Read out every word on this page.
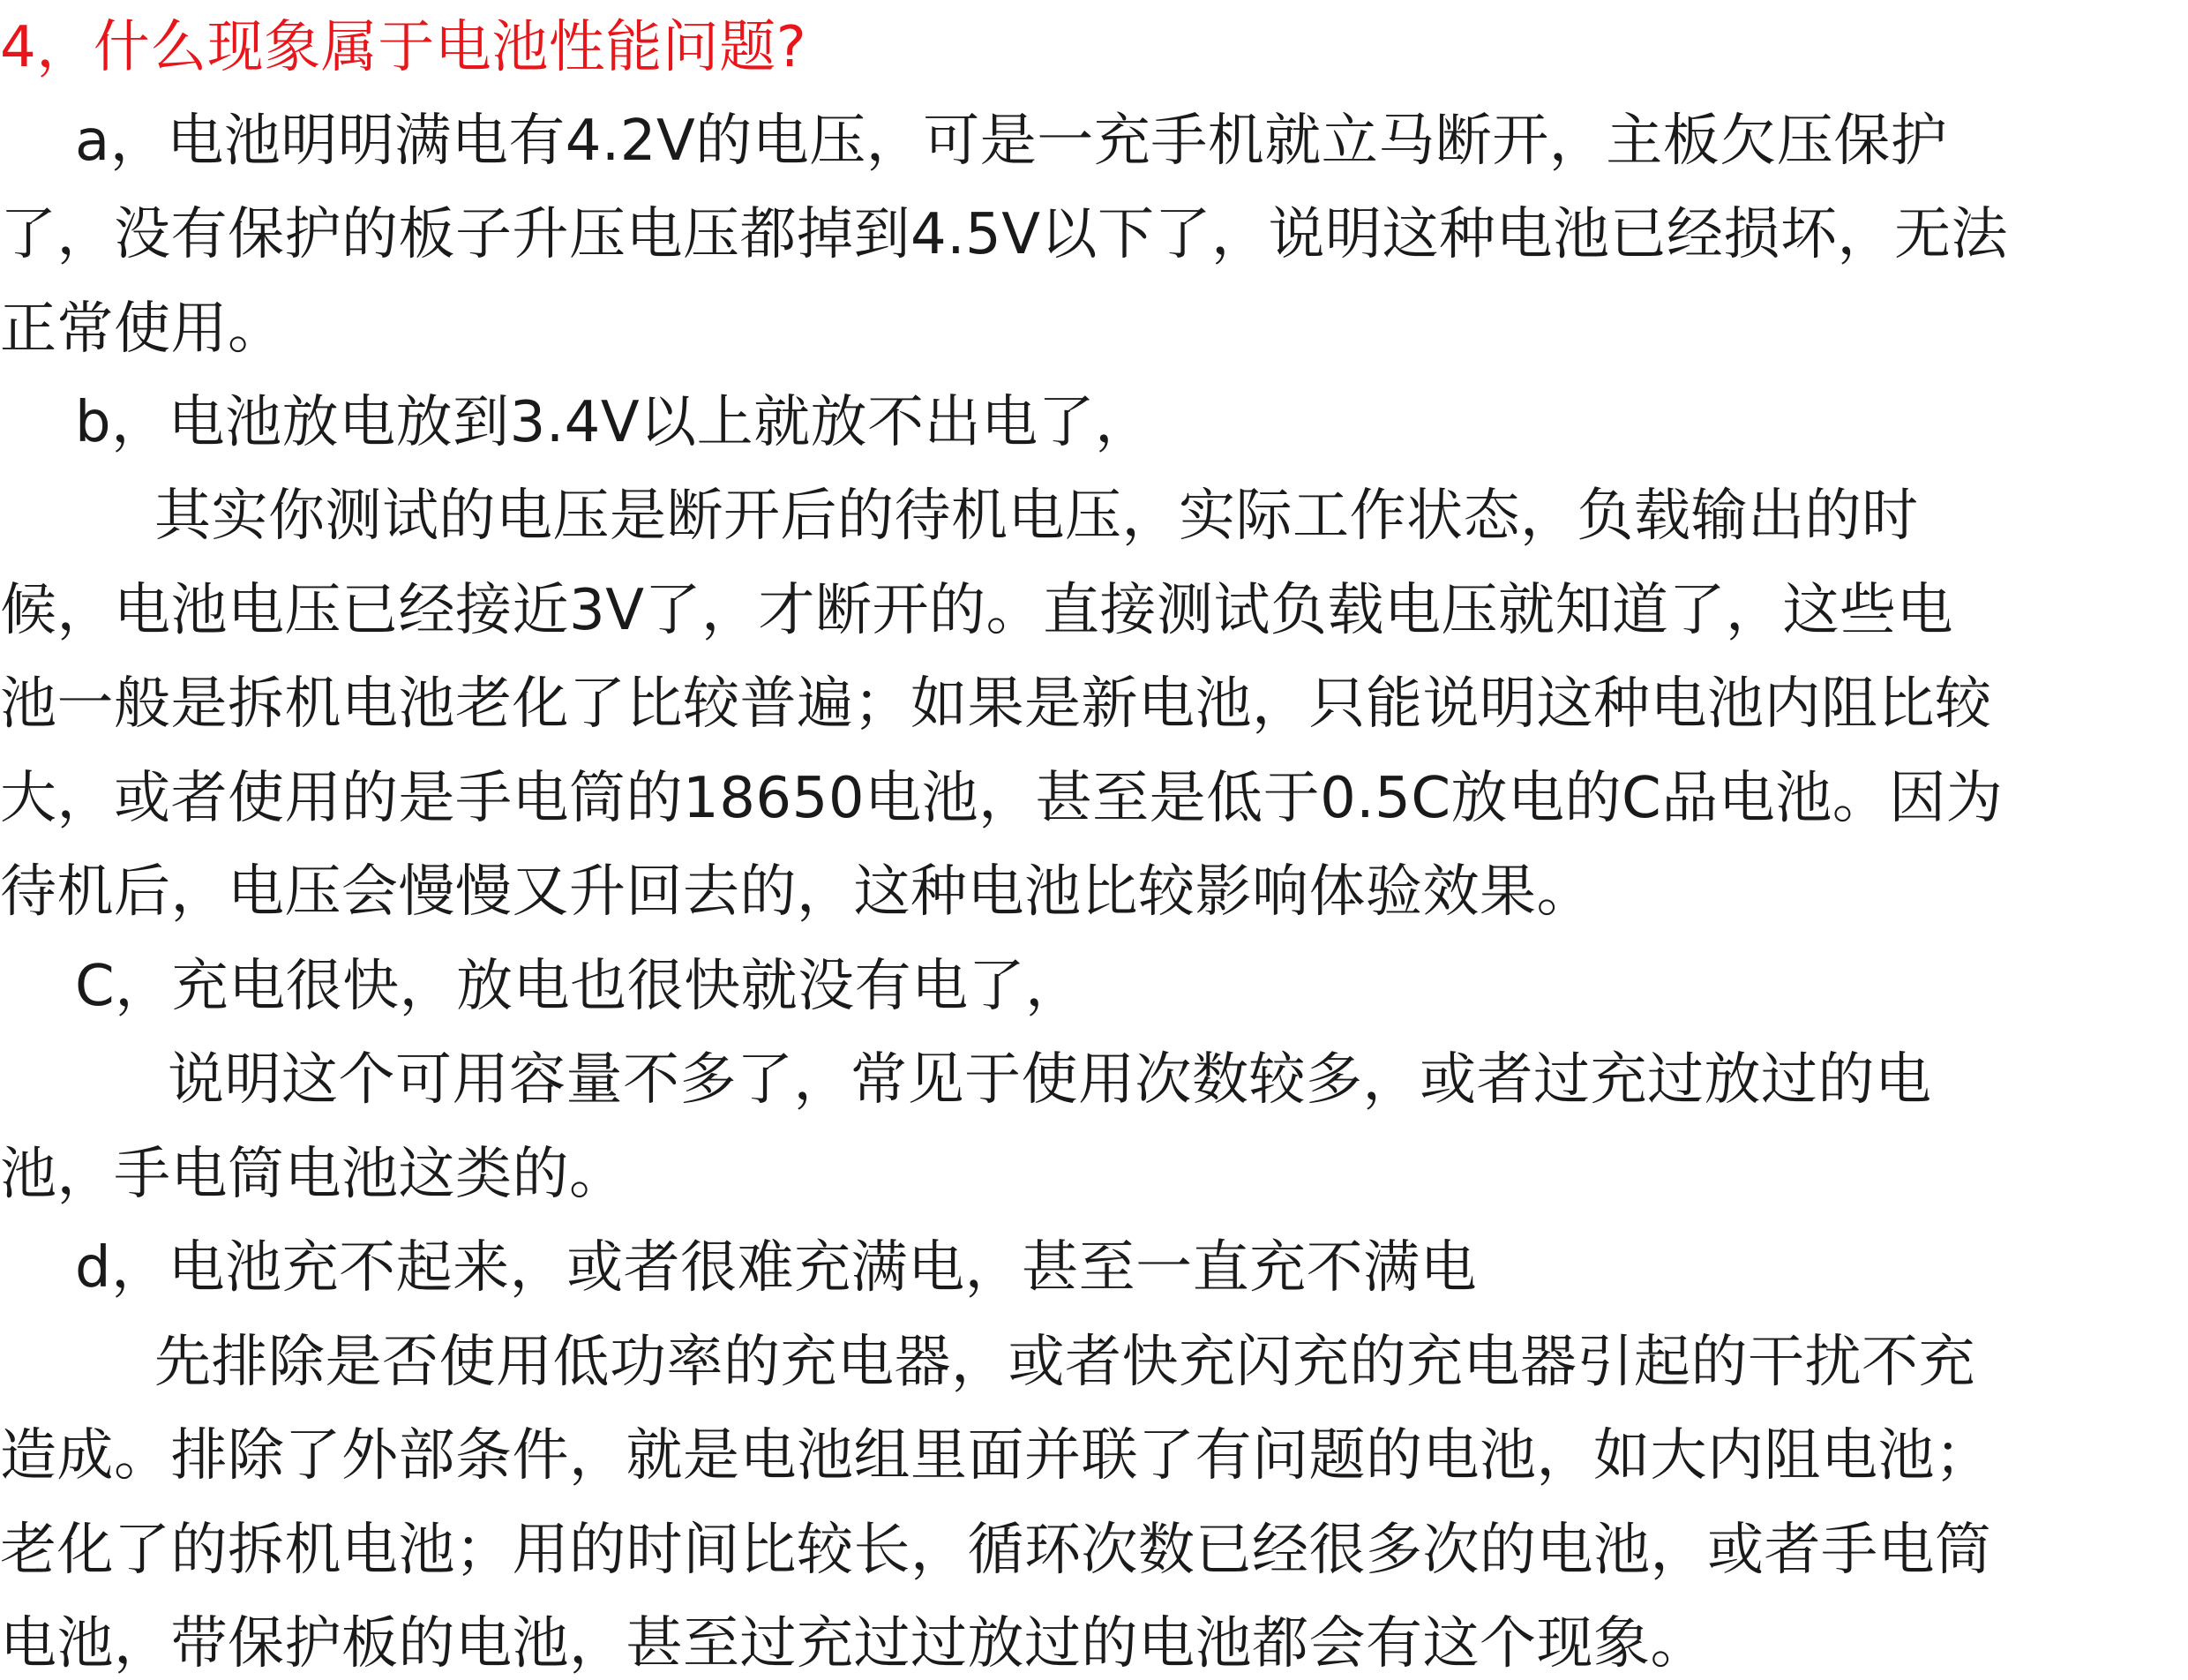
4，什么现象属于电池性能问题?
a，电池明明满电有4.2V的电压，可是一充手机就立马断开，主板欠压保护
了，没有保护的板子升压电压都掉到4.5V以下了，说明这种电池已经损坏，无法
正常使用。
b，电池放电放到3.4V以上就放不出电了，
其实你测试的电压是断开后的待机电压，实际工作状态，负载输出的时
候，电池电压已经接近3V了，才断开的。直接测试负载电压就知道了，这些电
池一般是拆机电池老化了比较普遍；如果是新电池，只能说明这种电池内阻比较
大，或者使用的是手电筒的18650电池，甚至是低于0.5C放电的C品电池。因为
待机后，电压会慢慢又升回去的，这种电池比较影响体验效果。
C，充电很快，放电也很快就没有电了，
说明这个可用容量不多了，常见于使用次数较多，或者过充过放过的电
池，手电筒电池这类的。
d，电池充不起来，或者很难充满电，甚至一直充不满电
先排除是否使用低功率的充电器，或者快充闪充的充电器引起的干扰不充
造成。排除了外部条件，就是电池组里面并联了有问题的电池，如大内阻电池；
老化了的拆机电池；用的时间比较长，循环次数已经很多次的电池，或者手电筒
电池，带保护板的电池，甚至过充过过放过的电池都会有这个现象。
